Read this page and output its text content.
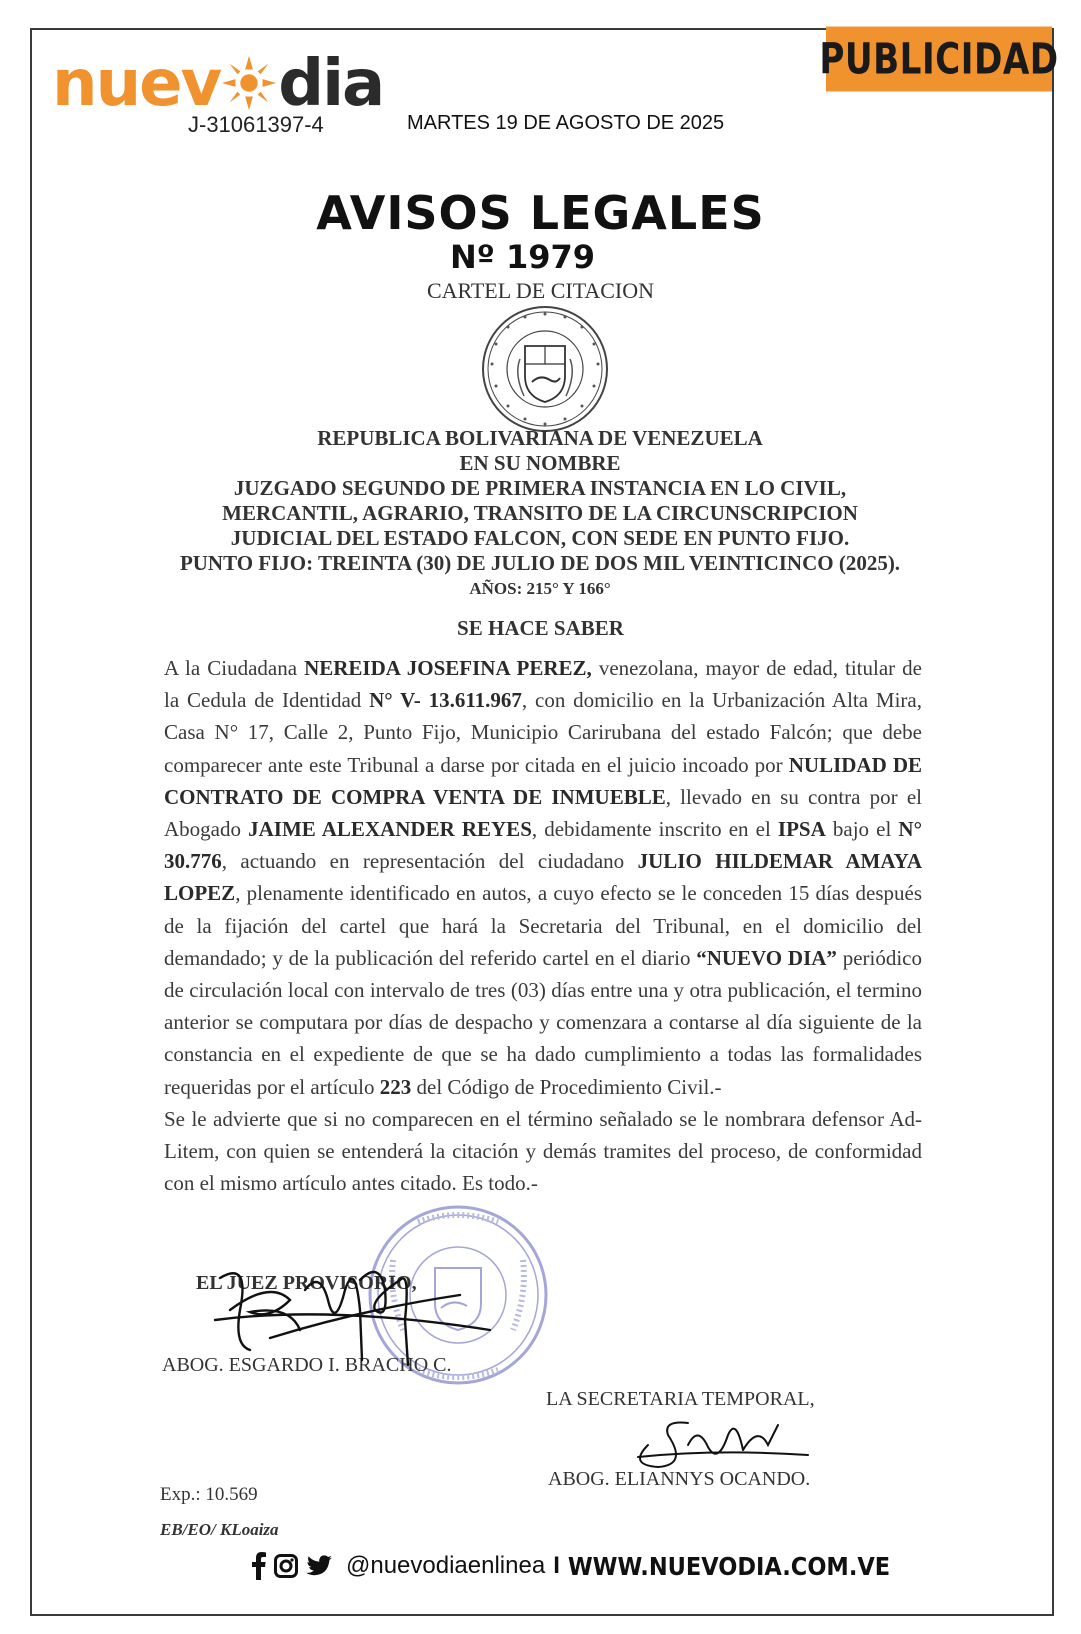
PUBLICIDAD
nuev dia
J-31061397-4	MARTES 19 DE AGOSTO DE 2025
AVISOS LEGALES
Nº 1979
CARTEL DE CITACION
REPUBLICA BOLIVARIANA DE VENEZUELA
EN SU NOMBRE
JUZGADO SEGUNDO DE PRIMERA INSTANCIA EN LO CIVIL,
MERCANTIL, AGRARIO, TRANSITO DE LA CIRCUNSCRIPCION
JUDICIAL DEL ESTADO FALCON, CON SEDE EN PUNTO FIJO.
PUNTO FIJO: TREINTA (30) DE JULIO DE DOS MIL VEINTICINCO (2025).
AÑOS: 215° Y 166°
SE HACE SABER

A la Ciudadana NEREIDA JOSEFINA PEREZ, venezolana, mayor de edad, titular de la Cedula de Identidad N° V- 13.611.967, con domicilio en la Urbanización Alta Mira, Casa N° 17, Calle 2, Punto Fijo, Municipio Carirubana del estado Falcón; que debe comparecer ante este Tribunal a darse por citada en el juicio incoado por NULIDAD DE CONTRATO DE COMPRA VENTA DE INMUEBLE, llevado en su contra por el Abogado JAIME ALEXANDER REYES, debidamente inscrito en el IPSA bajo el N° 30.776, actuando en representación del ciudadano JULIO HILDEMAR AMAYA LOPEZ, plenamente identificado en autos, a cuyo efecto se le conceden 15 días después de la fijación del cartel que hará la Secretaria del Tribunal, en el domicilio del demandado; y de la publicación del referido cartel en el diario “NUEVO DIA” periódico de circulación local con intervalo de tres (03) días entre una y otra publicación, el termino anterior se computara por días de despacho y comenzara a contarse al día siguiente de la constancia en el expediente de que se ha dado cumplimiento a todas las formalidades requeridas por el artículo 223 del Código de Procedimiento Civil.-

Se le advierte que si no comparecen en el término señalado se le nombrara defensor Ad-Litem, con quien se entenderá la citación y demás tramites del proceso, de conformidad con el mismo artículo antes citado. Es todo.-

EL JUEZ PROVISORIO,
ABOG. ESGARDO I. BRACHO C.
LA SECRETARIA TEMPORAL,
ABOG. ELIANNYS OCANDO.
Exp.: 10.569
EB/EO/ KLoaiza
@nuevodiaenlinea I WWW.NUEVODIA.COM.VE
